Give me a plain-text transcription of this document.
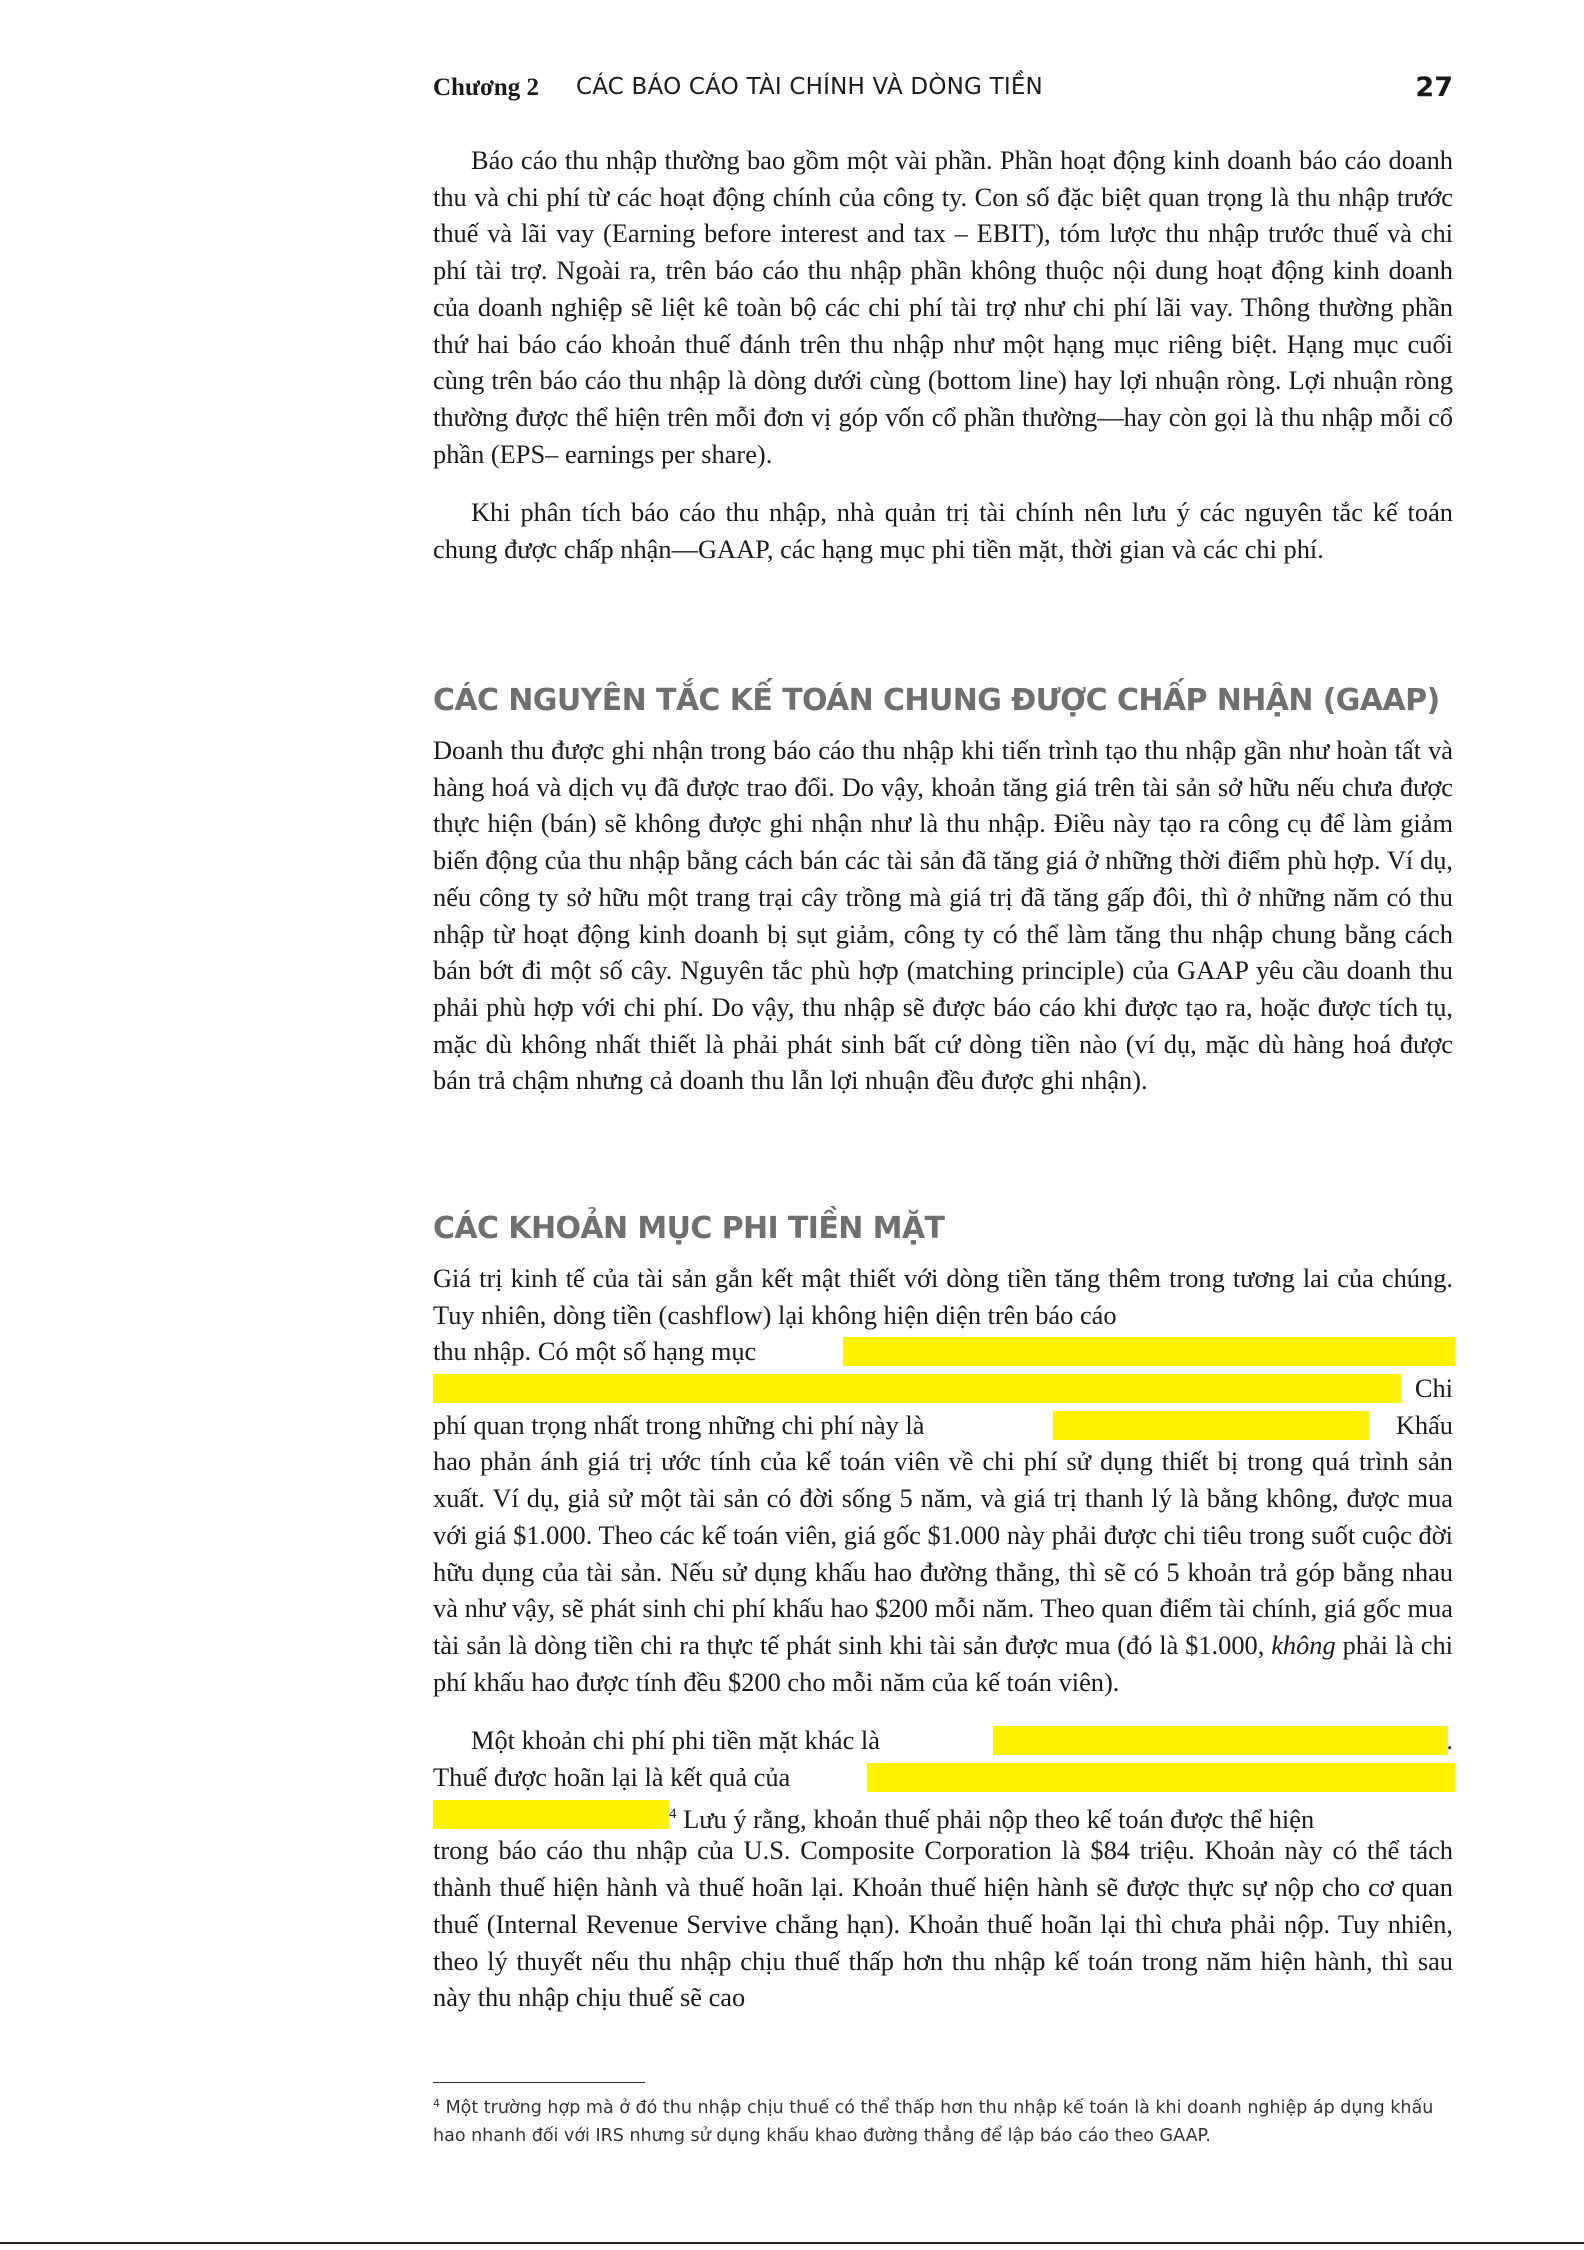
Chương 2 CÁC BÁO CÁO TÀI CHÍNH VÀ DÒNG TIỀN	27

Báo cáo thu nhập thường bao gồm một vài phần. Phần hoạt động kinh doanh báo cáo doanh thu và chi phí từ các hoạt động chính của công ty. Con số đặc biệt quan trọng là thu nhập trước thuế và lãi vay (Earning before interest and tax – EBIT), tóm lược thu nhập trước thuế và chi phí tài trợ. Ngoài ra, trên báo cáo thu nhập phần không thuộc nội dung hoạt động kinh doanh của doanh nghiệp sẽ liệt kê toàn bộ các chi phí tài trợ như chi phí lãi vay. Thông thường phần thứ hai báo cáo khoản thuế đánh trên thu nhập như một hạng mục riêng biệt. Hạng mục cuối cùng trên báo cáo thu nhập là dòng dưới cùng (bottom line) hay lợi nhuận ròng. Lợi nhuận ròng thường được thể hiện trên mỗi đơn vị góp vốn cổ phần thường—hay còn gọi là thu nhập mỗi cổ phần (EPS– earnings per share).

Khi phân tích báo cáo thu nhập, nhà quản trị tài chính nên lưu ý các nguyên tắc kế toán chung được chấp nhận—GAAP, các hạng mục phi tiền mặt, thời gian và các chi phí.

CÁC NGUYÊN TẮC KẾ TOÁN CHUNG ĐƯỢC CHẤP NHẬN (GAAP)

Doanh thu được ghi nhận trong báo cáo thu nhập khi tiến trình tạo thu nhập gần như hoàn tất và hàng hoá và dịch vụ đã được trao đổi. Do vậy, khoản tăng giá trên tài sản sở hữu nếu chưa được thực hiện (bán) sẽ không được ghi nhận như là thu nhập. Điều này tạo ra công cụ để làm giảm biến động của thu nhập bằng cách bán các tài sản đã tăng giá ở những thời điểm phù hợp. Ví dụ, nếu công ty sở hữu một trang trại cây trồng mà giá trị đã tăng gấp đôi, thì ở những năm có thu nhập từ hoạt động kinh doanh bị sụt giảm, công ty có thể làm tăng thu nhập chung bằng cách bán bớt đi một số cây. Nguyên tắc phù hợp (matching principle) của GAAP yêu cầu doanh thu phải phù hợp với chi phí. Do vậy, thu nhập sẽ được báo cáo khi được tạo ra, hoặc được tích tụ, mặc dù không nhất thiết là phải phát sinh bất cứ dòng tiền nào (ví dụ, mặc dù hàng hoá được bán trả chậm nhưng cả doanh thu lẫn lợi nhuận đều được ghi nhận).

CÁC KHOẢN MỤC PHI TIỀN MẶT

Giá trị kinh tế của tài sản gắn kết mật thiết với dòng tiền tăng thêm trong tương lai của chúng. Tuy nhiên, dòng tiền (cashflow) lại không hiện diện trên báo cáo

thu nhập. Có một số hạng mục
Chi
phí quan trọng nhất trong những chi phí này là	Khấu

hao phản ánh giá trị ước tính của kế toán viên về chi phí sử dụng thiết bị trong quá trình sản xuất. Ví dụ, giả sử một tài sản có đời sống 5 năm, và giá trị thanh lý là bằng không, được mua với giá $1.000. Theo các kế toán viên, giá gốc $1.000 này phải được chi tiêu trong suốt cuộc đời hữu dụng của tài sản. Nếu sử dụng khấu hao đường thẳng, thì sẽ có 5 khoản trả góp bằng nhau và như vậy, sẽ phát sinh chi phí khấu hao $200 mỗi năm. Theo quan điểm tài chính, giá gốc mua tài sản là dòng tiền chi ra thực tế phát sinh khi tài sản được mua (đó là $1.000, không phải là chi phí khấu hao được tính đều $200 cho mỗi năm của kế toán viên).

Một khoản chi phí phi tiền mặt khác là	.
Thuế được hoãn lại là kết quả của
$^4$ Lưu ý rằng, khoản thuế phải nộp theo kế toán được thể hiện

trong báo cáo thu nhập của U.S. Composite Corporation là $84 triệu. Khoản này có thể tách thành thuế hiện hành và thuế hoãn lại. Khoản thuế hiện hành sẽ được thực sự nộp cho cơ quan thuế (Internal Revenue Servive chẳng hạn). Khoản thuế hoãn lại thì chưa phải nộp. Tuy nhiên, theo lý thuyết nếu thu nhập chịu thuế thấp hơn thu nhập kế toán trong năm hiện hành, thì sau này thu nhập chịu thuế sẽ cao

$^4$ Một trường hợp mà ở đó thu nhập chịu thuế có thể thấp hơn thu nhập kế toán là khi doanh nghiệp áp dụng khấu hao nhanh đối với IRS nhưng sử dụng khấu khao đường thẳng để lập báo cáo theo GAAP.
